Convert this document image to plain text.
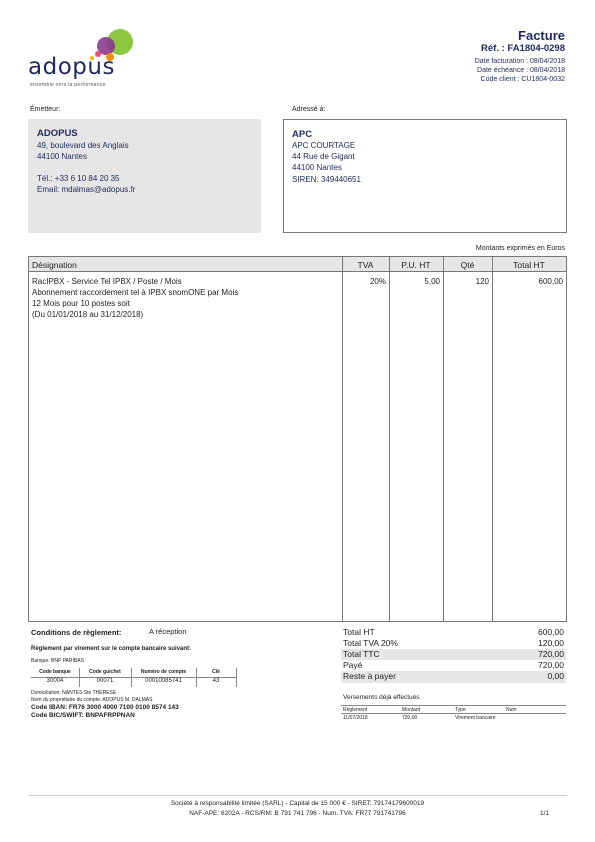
adopus
ensemble vers la performance
Facture
Réf. : FA1804-0298
Date facturation : 08/04/2018
Date échéance : 08/04/2018
Code client : CU1804-0032
Émetteur:
ADOPUS
49, boulevard des Anglais
44100 Nantes
Tél.: +33 6 10 84 20 35
Email: mdalmas@adopus.fr
Adressé à:
APC
APC COURTAGE
44 Rue de Gigant
44100 Nantes
SIREN: 349440651
Montants exprimés en Euros
Désignation	TVA	P.U. HT	Qté	Total HT
RacIPBX - Service Tel IPBX / Poste / Mois
Abonnement raccordement tel à IPBX snomONE par Mois
12 Mois pour 10 postes soit
(Du 01/01/2018 au 31/12/2018)
20%	5,00	120	600,00
Conditions de règlement:	A réception
Règlement par virement sur le compte bancaire suivant:
Banque: BNP PARIBAS
Code banque	Code guichet	Numéro de compte	Clé
30004	00071	00010085741	43
Domiciliation: NANTES Ste THERESE
Nom du propriétaire du compte: ADOPUS M. DALMAS
Code IBAN: FR76 3000 4000 7100 0100 8574 143
Code BIC/SWIFT: BNPAFRPPNAN
Total HT	600,00
Total TVA 20%	120,00
Total TTC	720,00
Payé	720,00
Reste à payer	0,00
Versements déjà effectués
Règlement	Montant	Type	Num
11/07/2018	720,00	Virement bancaire
Société à responsabilité limitée (SARL) - Capital de 15 000 € - SIRET: 79174179600019
NAF-APE: 6202A - RCS/RM: B 791 741 796 - Num. TVA: FR77 791741796	1/1
